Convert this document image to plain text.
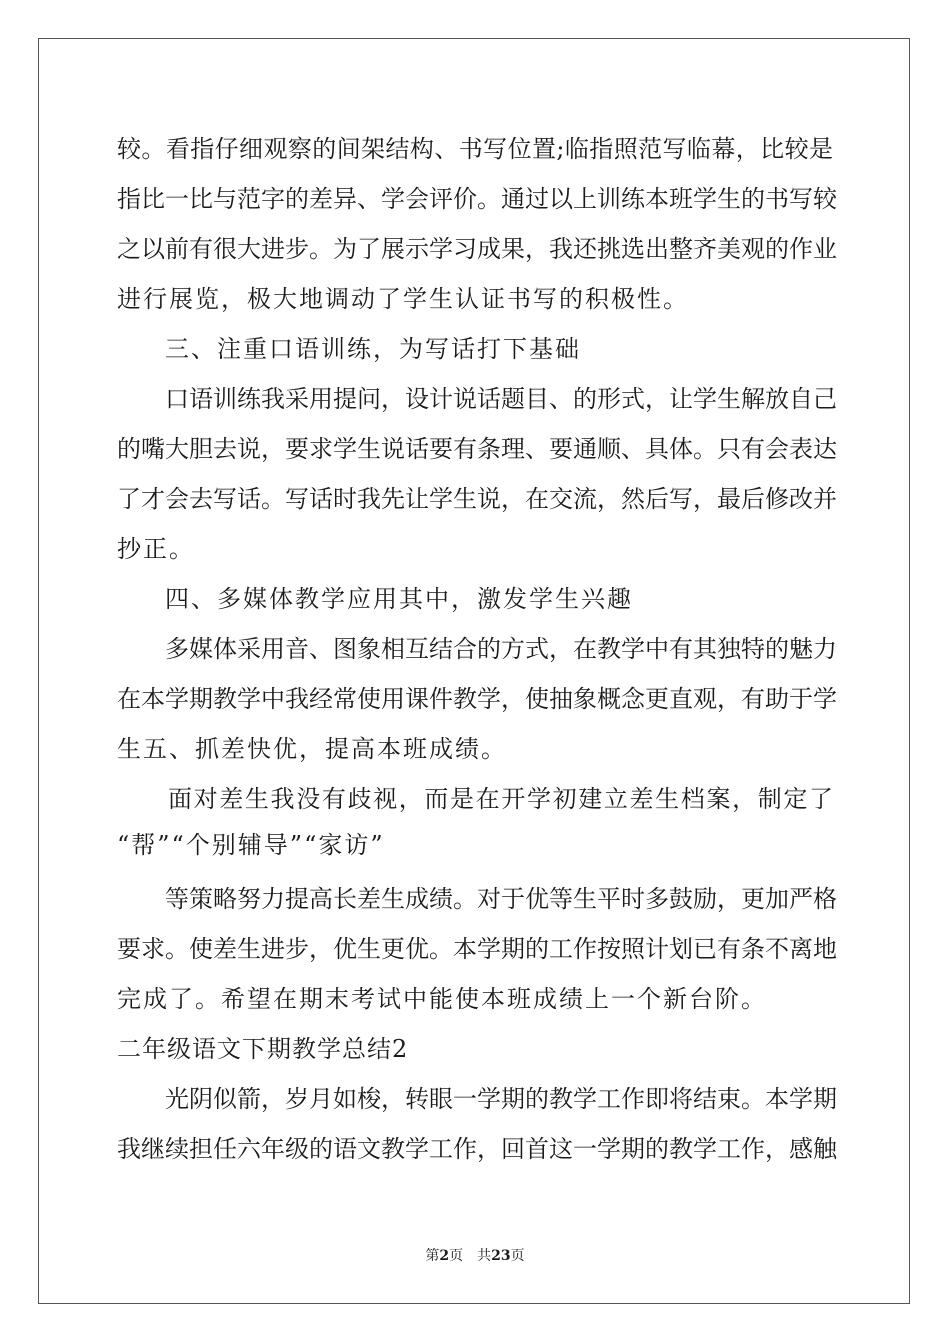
较。看指仔细观察的间架结构、书写位置;临指照范写临幕，比较是
指比一比与范字的差异、学会评价。通过以上训练本班学生的书写较
之以前有很大进步。为了展示学习成果，我还挑选出整齐美观的作业
进行展览，极大地调动了学生认证书写的积极性。
三、注重口语训练，为写话打下基础
口语训练我采用提问，设计说话题目、的形式，让学生解放自己
的嘴大胆去说，要求学生说话要有条理、要通顺、具体。只有会表达
了才会去写话。写话时我先让学生说，在交流，然后写，最后修改并
抄正。
四、多媒体教学应用其中，激发学生兴趣
多媒体采用音、图象相互结合的方式，在教学中有其独特的魅力
在本学期教学中我经常使用课件教学，使抽象概念更直观，有助于学
生五、抓差快优，提高本班成绩。
面对差生我没有歧视，而是在开学初建立差生档案，制定了
“帮”“个别辅导”“家访”
等策略努力提高长差生成绩。对于优等生平时多鼓励，更加严格
要求。使差生进步，优生更优。本学期的工作按照计划已有条不离地
完成了。希望在期末考试中能使本班成绩上一个新台阶。
二年级语文下期教学总结2
光阴似箭，岁月如梭，转眼一学期的教学工作即将结束。本学期
我继续担任六年级的语文教学工作，回首这一学期的教学工作，感触
第2页 共23页
